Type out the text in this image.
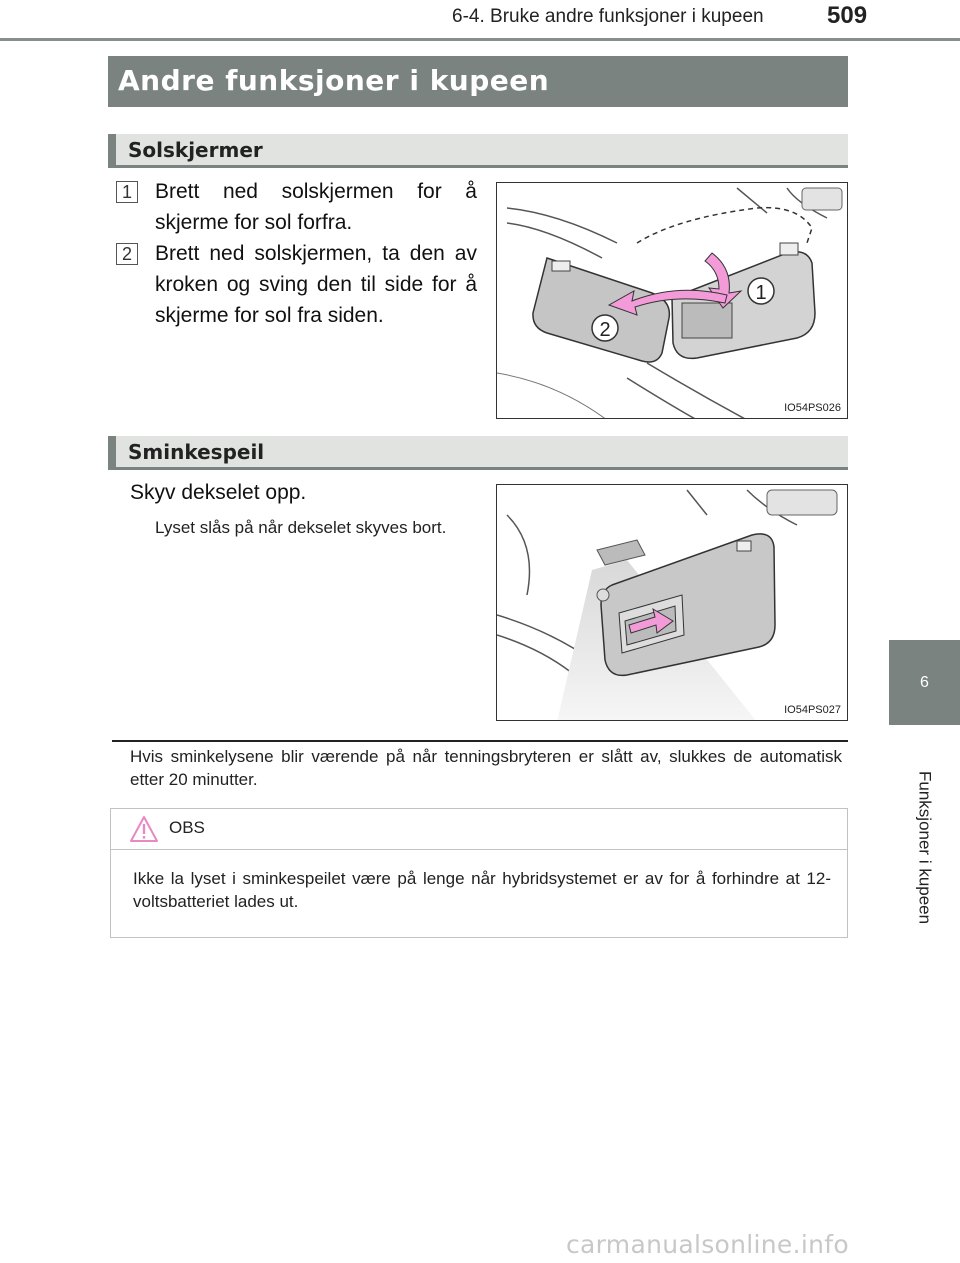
6-4. Bruke andre funksjoner i kupeen	509
6
Funksjoner i kupeen
Andre funksjoner i kupeen
Solskjermer
1 Brett ned solskjermen for å skjerme for sol forfra.
2 Brett ned solskjermen, ta den av kroken og sving den til side for å skjerme for sol fra siden.
1
2
IO54PS026
Sminkespeil
Skyv dekselet opp.
Lyset slås på når dekselet skyves bort.
IO54PS027
Hvis sminkelysene blir værende på når tenningsbryteren er slått av, slukkes de automatisk etter 20 minutter.
OBS
Ikke la lyset i sminkespeilet være på lenge når hybridsystemet er av for å forhindre at 12-voltsbatteriet lades ut.
carmanualsonline.info
